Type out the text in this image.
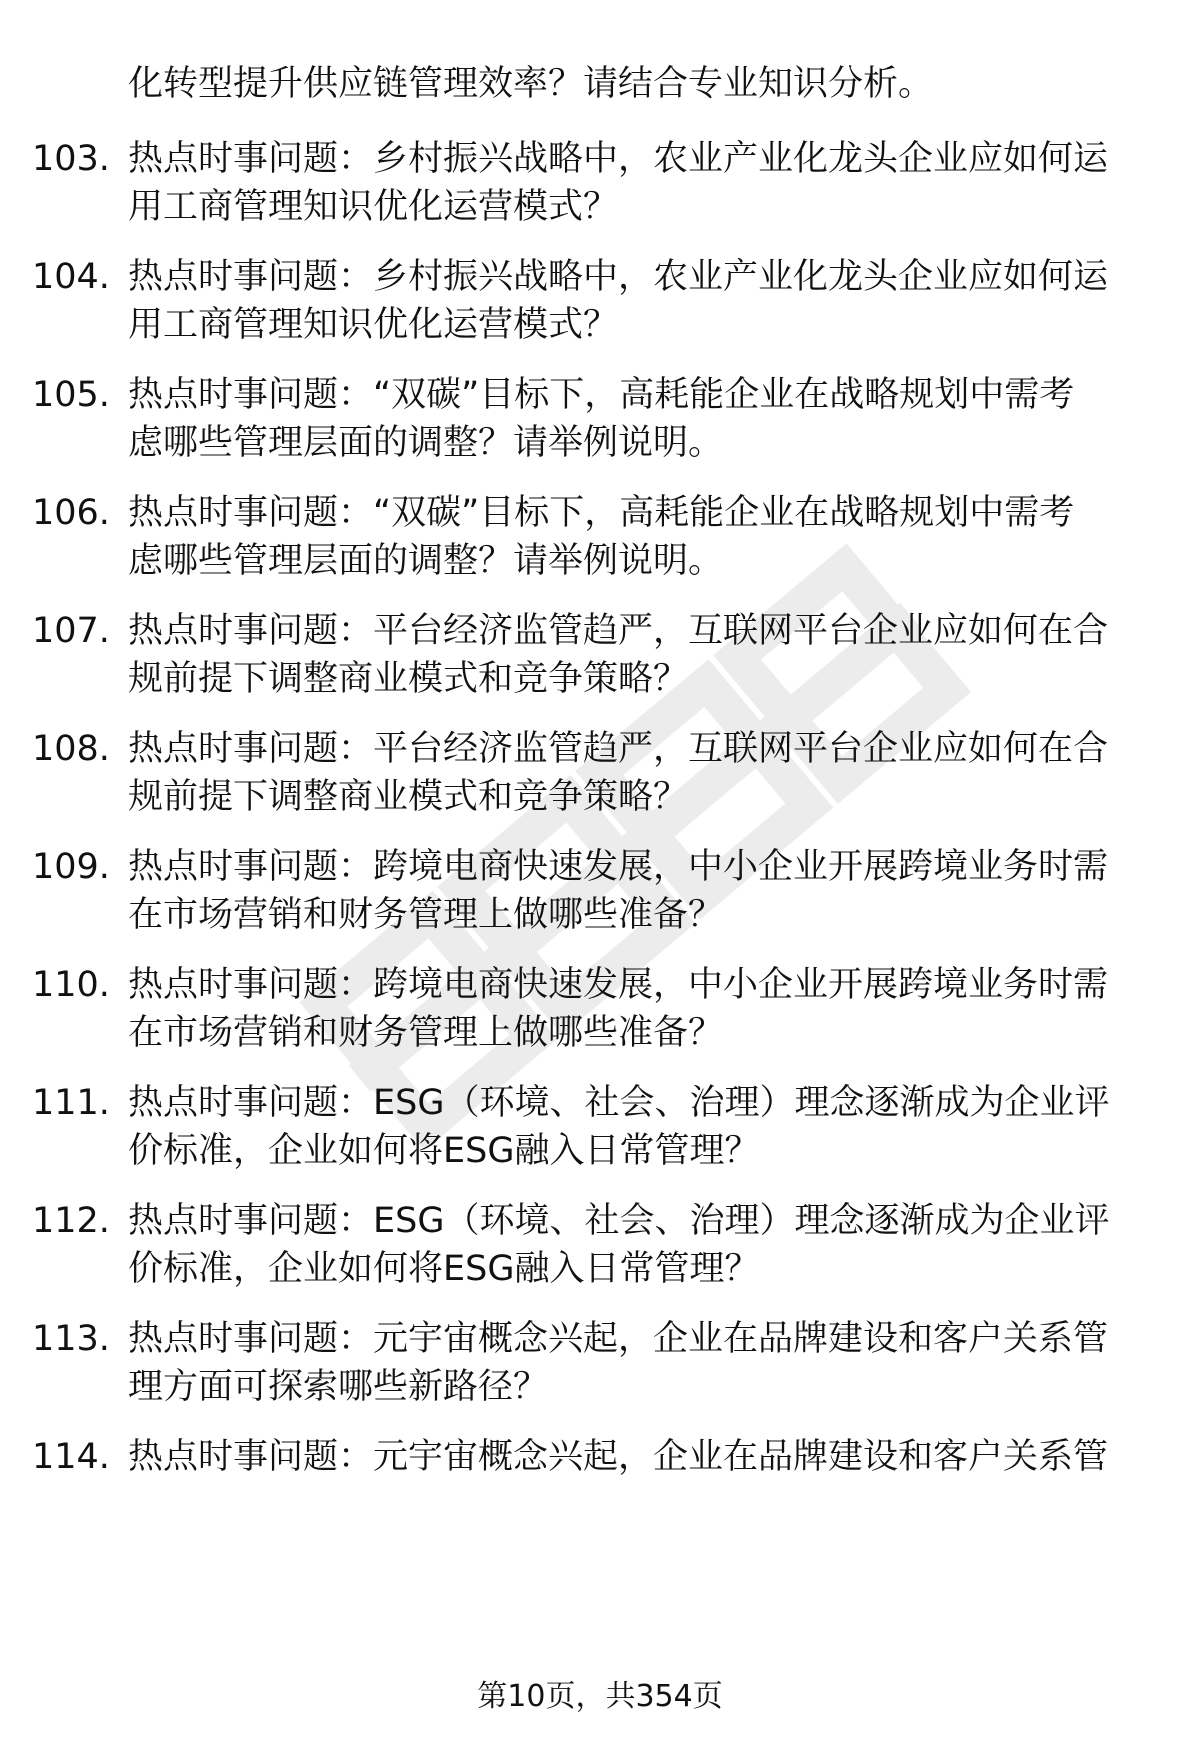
化转型提升供应链管理效率？请结合专业知识分析。
103. 热点时事问题：乡村振兴战略中，农业产业化龙头企业应如何运
用工商管理知识优化运营模式？
104. 热点时事问题：乡村振兴战略中，农业产业化龙头企业应如何运
用工商管理知识优化运营模式？
105. 热点时事问题：“双碳”目标下，高耗能企业在战略规划中需考
虑哪些管理层面的调整？请举例说明。
106. 热点时事问题：“双碳”目标下，高耗能企业在战略规划中需考
虑哪些管理层面的调整？请举例说明。
107. 热点时事问题：平台经济监管趋严，互联网平台企业应如何在合
规前提下调整商业模式和竞争策略？
108. 热点时事问题：平台经济监管趋严，互联网平台企业应如何在合
规前提下调整商业模式和竞争策略？
109. 热点时事问题：跨境电商快速发展，中小企业开展跨境业务时需
在市场营销和财务管理上做哪些准备？
110. 热点时事问题：跨境电商快速发展，中小企业开展跨境业务时需
在市场营销和财务管理上做哪些准备？
111. 热点时事问题：ESG（环境、社会、治理）理念逐渐成为企业评
价标准，企业如何将ESG融入日常管理？
112. 热点时事问题：ESG（环境、社会、治理）理念逐渐成为企业评
价标准，企业如何将ESG融入日常管理？
113. 热点时事问题：元宇宙概念兴起，企业在品牌建设和客户关系管
理方面可探索哪些新路径？
114. 热点时事问题：元宇宙概念兴起，企业在品牌建设和客户关系管
第10页，共354页
